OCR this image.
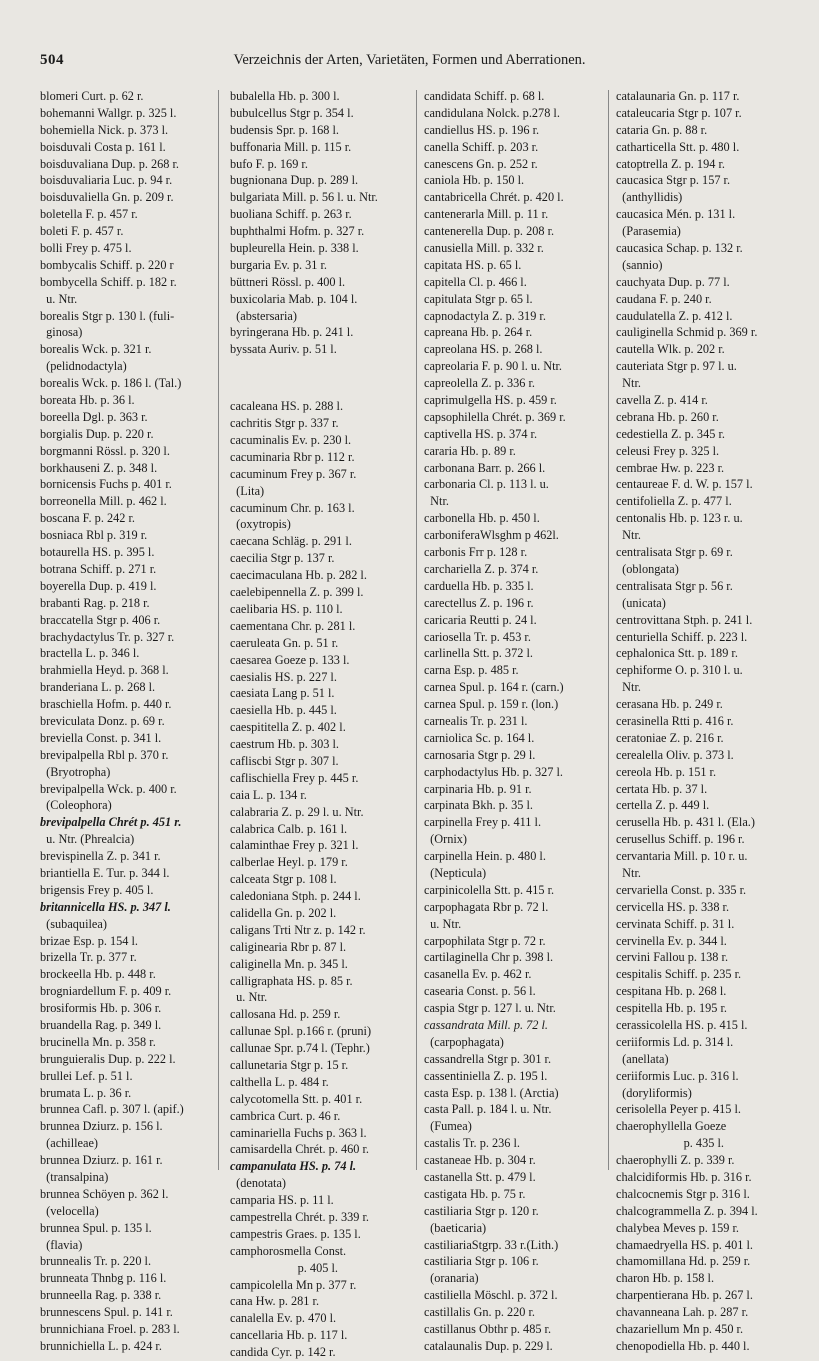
504	Verzeichnis der Arten, Varietäten, Formen und Aberrationen.
blomeri Curt. p. 62 r.
bohemanni Wallgr. p. 325 l.
bohemiella Nick. p. 373 l.
boisduvali Costa p. 161 l.
boisduvaliana Dup. p. 268 r.
boisduvaliaria Luc. p. 94 r.
boisduvaliella Gn. p. 209 r.
boletella F. p. 457 r.
boleti F. p. 457 r.
bolli Frey p. 475 l.
bombycalis Schiff. p. 220 r
bombycella Schiff. p. 182 r.
u. Ntr.
borealis Stgr p. 130 l. (fuli-
ginosa)
borealis Wck. p. 321 r.
(pelidnodactyla)
borealis Wck. p. 186 l. (Tal.)
boreata Hb. p. 36 l.
boreella Dgl. p. 363 r.
borgialis Dup. p. 220 r.
borgmanni Rössl. p. 320 l.
borkhauseni Z. p. 348 l.
bornicensis Fuchs p. 401 r.
borreonella Mill. p. 462 l.
boscana F. p. 242 r.
bosniaca Rbl p. 319 r.
botaurella HS. p. 395 l.
botrana Schiff. p. 271 r.
boyerella Dup. p. 419 l.
brabanti Rag. p. 218 r.
braccatella Stgr p. 406 r.
brachydactylus Tr. p. 327 r.
bractella L. p. 346 l.
brahmiella Heyd. p. 368 l.
branderiana L. p. 268 l.
braschiella Hofm. p. 440 r.
breviculata Donz. p. 69 r.
breviella Const. p. 341 l.
brevipalpella Rbl p. 370 r.
(Bryotropha)
brevipalpella Wck. p. 400 r.
(Coleophora)
brevipalpella Chrét p. 451 r.
u. Ntr. (Phrealcia)
brevispinella Z. p. 341 r.
briantiella E. Tur. p. 344 l.
brigensis Frey p. 405 l.
britannicella HS. p. 347 l.
(subaquilea)
brizae Esp. p. 154 l.
brizella Tr. p. 377 r.
brockeella Hb. p. 448 r.
brogniardellum F. p. 409 r.
brosiformis Hb. p. 306 r.
bruandella Rag. p. 349 l.
brucinella Mn. p. 358 r.
brunguieralis Dup. p. 222 l.
brullei Lef. p. 51 l.
brumata L. p. 36 r.
brunnea Cafl. p. 307 l. (apif.)
brunnea Dziurz. p. 156 l.
(achilleae)
brunnea Dziurz. p. 161 r.
(transalpina)
brunnea Schöyen p. 362 l.
(velocella)
brunnea Spul. p. 135 l.
(flavia)
brunnealis Tr. p. 220 l.
brunneata Thnbg p. 116 l.
brunneella Rag. p. 338 r.
brunnescens Spul. p. 141 r.
brunnichiana Froel. p. 283 l.
brunnichiella L. p. 424 r.
bubalella Hb. p. 300 l.
bubulcellus Stgr p. 354 l.
budensis Spr. p. 168 l.
buffonaria Mill. p. 115 r.
bufo F. p. 169 r.
bugnionana Dup. p. 289 l.
bulgariata Mill. p. 56 l. u. Ntr.
buoliana Schiff. p. 263 r.
buphthalmi Hofm. p. 327 r.
bupleurella Hein. p. 338 l.
burgaria Ev. p. 31 r.
büttneri Rössl. p. 400 l.
buxicolaria Mab. p. 104 l.
(abstersaria)
byringerana Hb. p. 241 l.
byssata Auriv. p. 51 l.
cacaleana HS. p. 288 l.
cachritis Stgr p. 337 r.
cacuminalis Ev. p. 230 l.
cacuminaria Rbr p. 112 r.
cacuminum Frey p. 367 r.
(Lita)
cacuminum Chr. p. 163 l.
(oxytropis)
caecana Schläg. p. 291 l.
caecilia Stgr p. 137 r.
caecimaculana Hb. p. 282 l.
caelebipennella Z. p. 399 l.
caelibaria HS. p. 110 l.
caementana Chr. p. 281 l.
caeruleata Gn. p. 51 r.
caesarea Goeze p. 133 l.
caesialis HS. p. 227 l.
caesiata Lang p. 51 l.
caesiella Hb. p. 445 l.
caespititella Z. p. 402 l.
caestrum Hb. p. 303 l.
cafliscbi Stgr p. 307 l.
caflischiella Frey p. 445 r.
caia L. p. 134 r.
calabraria Z. p. 29 l. u. Ntr.
calabrica Calb. p. 161 l.
calaminthae Frey p. 321 l.
calberlae Heyl. p. 179 r.
calceata Stgr p. 108 l.
caledoniana Stph. p. 244 l.
calidella Gn. p. 202 l.
caligans Trti Ntr z. p. 142 r.
caliginearia Rbr p. 87 l.
caliginella Mn. p. 345 l.
calligraphata HS. p. 85 r.
u. Ntr.
callosana Hd. p. 259 r.
callunae Spl. p.166 r. (pruni)
callunae Spr. p.74 l. (Tephr.)
callunetaria Stgr p. 15 r.
calthella L. p. 484 r.
calycotomella Stt. p. 401 r.
cambrica Curt. p. 46 r.
caminariella Fuchs p. 363 l.
camisardella Chrét. p. 460 r.
campanulata HS. p. 74 l.
(denotata)
camparia HS. p. 11 l.
campestrella Chrét. p. 339 r.
campestris Graes. p. 135 l.
camphorosmella Const.
p. 405 l.
campicolella Mn p. 377 r.
cana Hw. p. 281 r.
canalella Ev. p. 470 l.
cancellaria Hb. p. 117 l.
candida Cyr. p. 142 r.
candidata Schiff. p. 68 l.
candidulana Nolck. p.278 l.
candiellus HS. p. 196 r.
canella Schiff. p. 203 r.
canescens Gn. p. 252 r.
caniola Hb. p. 150 l.
cantabricella Chrét. p. 420 l.
cantenerarla Mill. p. 11 r.
cantenerella Dup. p. 208 r.
canusiella Mill. p. 332 r.
capitata HS. p. 65 l.
capitella Cl. p. 466 l.
capitulata Stgr p. 65 l.
capnodactyla Z. p. 319 r.
capreana Hb. p. 264 r.
capreolana HS. p. 268 l.
capreolaria F. p. 90 l. u. Ntr.
capreolella Z. p. 336 r.
caprimulgella HS. p. 459 r.
capsophilella Chrét. p. 369 r.
captivella HS. p. 374 r.
cararia Hb. p. 89 r.
carbonana Barr. p. 266 l.
carbonaria Cl. p. 113 l. u.
Ntr.
carbonella Hb. p. 450 l.
carboniferaWlsghm p 462l.
carbonis Frr p. 128 r.
carchariella Z. p. 374 r.
carduella Hb. p. 335 l.
carectellus Z. p. 196 r.
caricaria Reutti p. 24 l.
cariosella Tr. p. 453 r.
carlinella Stt. p. 372 l.
carna Esp. p. 485 r.
carnea Spul. p. 164 r. (carn.)
carnea Spul. p. 159 r. (lon.)
carnealis Tr. p. 231 l.
carniolica Sc. p. 164 l.
carnosaria Stgr p. 29 l.
carphodactylus Hb. p. 327 l.
carpinaria Hb. p. 91 r.
carpinata Bkh. p. 35 l.
carpinella Frey p. 411 l.
(Ornix)
carpinella Hein. p. 480 l.
(Nepticula)
carpinicolella Stt. p. 415 r.
carpophagata Rbr p. 72 l.
u. Ntr.
carpophilata Stgr p. 72 r.
cartilaginella Chr p. 398 l.
casanella Ev. p. 462 r.
casearia Const. p. 56 l.
caspia Stgr p. 127 l. u. Ntr.
cassandrata Mill. p. 72 l.
(carpophagata)
cassandrella Stgr p. 301 r.
cassentiniella Z. p. 195 l.
casta Esp. p. 138 l. (Arctia)
casta Pall. p. 184 l. u. Ntr.
(Fumea)
castalis Tr. p. 236 l.
castaneae Hb. p. 304 r.
castanella Stt. p. 479 l.
castigata Hb. p. 75 r.
castiliaria Stgr p. 120 r.
(baeticaria)
castiliariaStgrp. 33 r.(Lith.)
castiliaria Stgr p. 106 r.
(oranaria)
castiliella Möschl. p. 372 l.
castillalis Gn. p. 220 r.
castillanus Obthr p. 485 r.
catalaunalis Dup. p. 229 l.
catalaunaria Gn. p. 117 r.
cataleucaria Stgr p. 107 r.
cataria Gn. p. 88 r.
catharticella Stt. p. 480 l.
catoptrella Z. p. 194 r.
caucasica Stgr p. 157 r.
(anthyllidis)
caucasica Mén. p. 131 l.
(Parasemia)
caucasica Schap. p. 132 r.
(sannio)
cauchyata Dup. p. 77 l.
caudana F. p. 240 r.
caudulatella Z. p. 412 l.
cauliginella Schmid p. 369 r.
cautella Wlk. p. 202 r.
cauteriata Stgr p. 97 l. u.
Ntr.
cavella Z. p. 414 r.
cebrana Hb. p. 260 r.
cedestiella Z. p. 345 r.
celeusi Frey p. 325 l.
cembrae Hw. p. 223 r.
centaureae F. d. W. p. 157 l.
centifoliella Z. p. 477 l.
centonalis Hb. p. 123 r. u.
Ntr.
centralisata Stgr p. 69 r.
(oblongata)
centralisata Stgr p. 56 r.
(unicata)
centrovittana Stph. p. 241 l.
centuriella Schiff. p. 223 l.
cephalonica Stt. p. 189 r.
cephiforme O. p. 310 l. u.
Ntr.
cerasana Hb. p. 249 r.
cerasinella Rtti p. 416 r.
ceratoniae Z. p. 216 r.
cerealella Oliv. p. 373 l.
cereola Hb. p. 151 r.
certata Hb. p. 37 l.
certella Z. p. 449 l.
cerusella Hb. p. 431 l. (Ela.)
cerusellus Schiff. p. 196 r.
cervantaria Mill. p. 10 r. u.
Ntr.
cervariella Const. p. 335 r.
cervicella HS. p. 338 r.
cervinata Schiff. p. 31 l.
cervinella Ev. p. 344 l.
cervini Fallou p. 138 r.
cespitalis Schiff. p. 235 r.
cespitana Hb. p. 268 l.
cespitella Hb. p. 195 r.
cerassicolella HS. p. 415 l.
ceriiformis Ld. p. 314 l.
(anellata)
ceriiformis Luc. p. 316 l.
(doryliformis)
cerisolella Peyer p. 415 l.
chaerophyllella Goeze
p. 435 l.
chaerophylli Z. p. 339 r.
chalcidiformis Hb. p. 316 r.
chalcocnemis Stgr p. 316 l.
chalcogrammella Z. p. 394 l.
chalybea Meves p. 159 r.
chamaedryella HS. p. 401 l.
chamomillana Hd. p. 259 r.
charon Hb. p. 158 l.
charpentierana Hb. p. 267 l.
chavanneana Lah. p. 287 r.
chazariellum Mn p. 450 r.
chenopodiella Hb. p. 440 l.
